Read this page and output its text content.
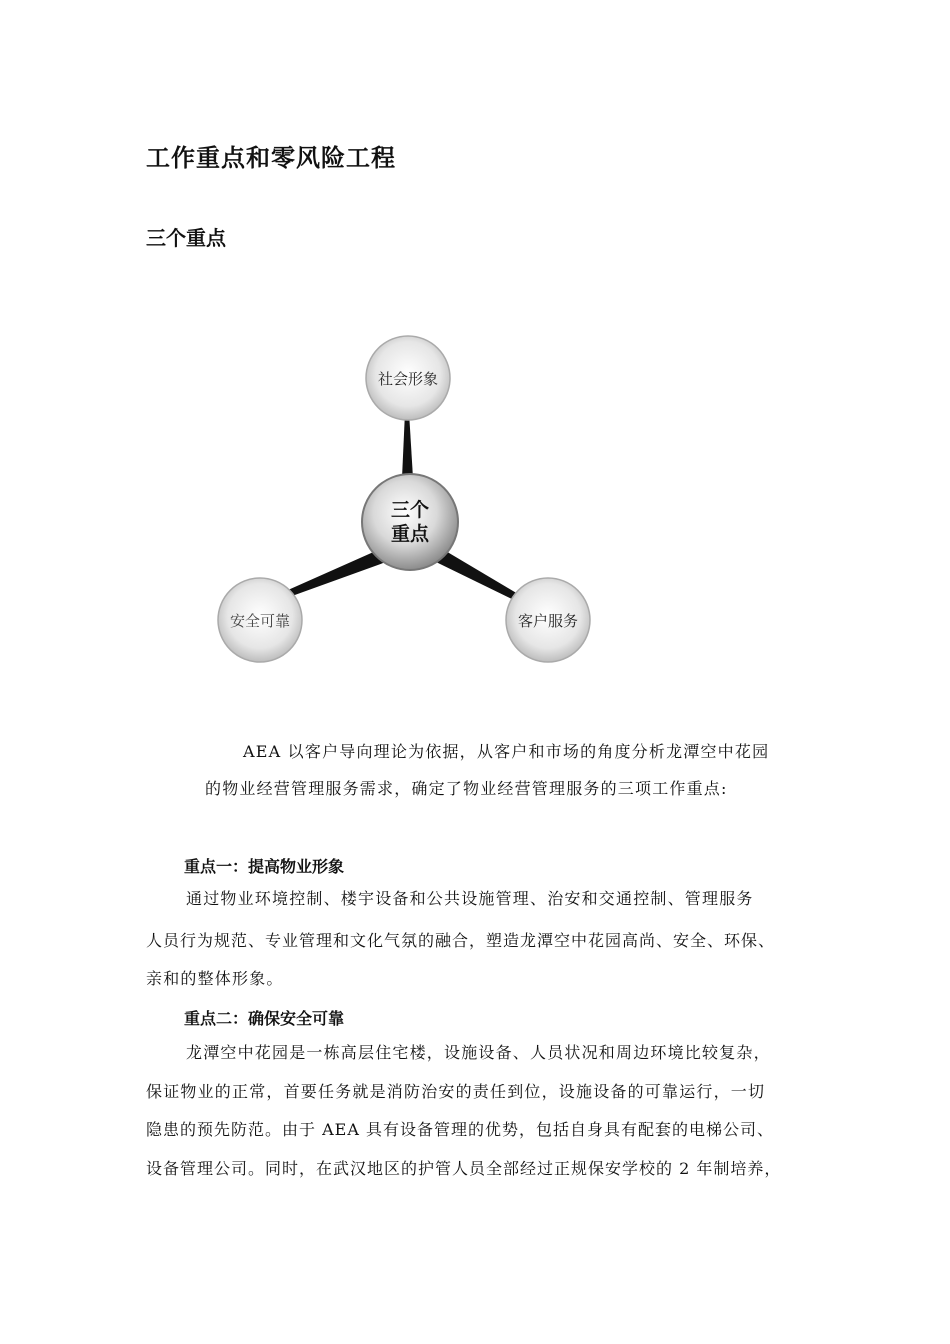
工作重点和零风险工程
三个重点
社会形象
安全可靠	客户服务
三个
重点
AEA 以客户导向理论为依据，从客户和市场的角度分析龙潭空中花园
的物业经营管理服务需求，确定了物业经营管理服务的三项工作重点:
重点一：提高物业形象
通过物业环境控制、楼宇设备和公共设施管理、治安和交通控制、管理服务
人员行为规范、专业管理和文化气氛的融合，塑造龙潭空中花园高尚、安全、环保、
亲和的整体形象。
重点二：确保安全可靠
龙潭空中花园是一栋高层住宅楼，设施设备、人员状况和周边环境比较复杂，
保证物业的正常，首要任务就是消防治安的责任到位，设施设备的可靠运行，一切
隐患的预先防范。由于 AEA 具有设备管理的优势，包括自身具有配套的电梯公司、
设备管理公司。同时，在武汉地区的护管人员全部经过正规保安学校的 2 年制培养，
